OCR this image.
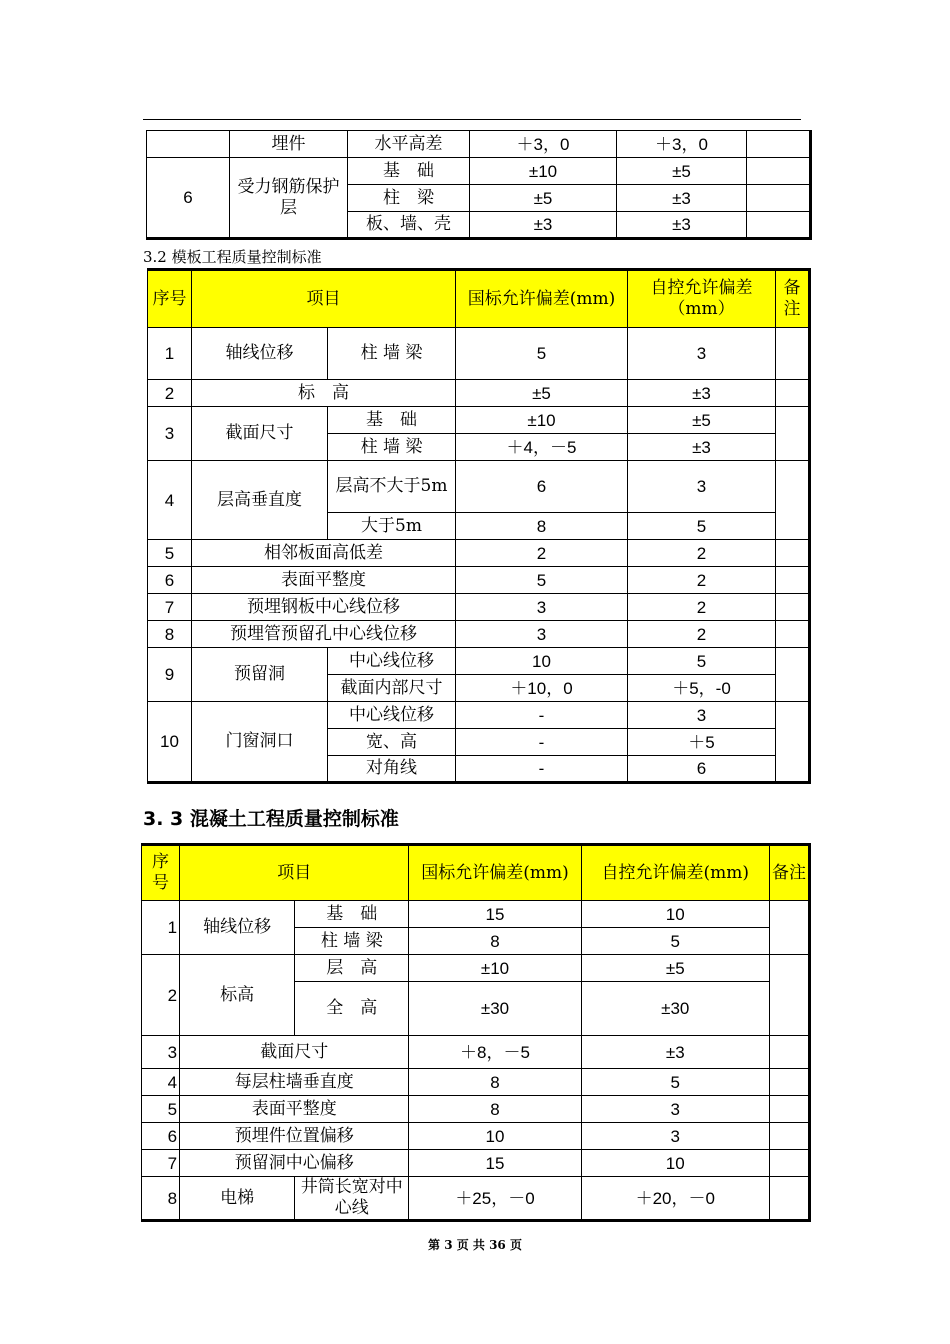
	埋件	水平高差	＋3，0	＋3，0	
6	受力钢筋保护层	基　础	±10	±5	
		柱　梁	±5	±3	
		板、墙、壳	±3	±3	
3.2 模板工程质量控制标准
序号	项目		国标允许偏差(mm)	自控允许偏差（mm）	备注
1	轴线位移	柱 墙 梁	5	3	
2	标　高		±5	±3	
3	截面尺寸	基　础	±10	±5	
		柱 墙 梁	＋4，－5	±3	
4	层高垂直度	层高不大于5m	6	3	
		大于5m	8	5	
5	相邻板面高低差		2	2	
6	表面平整度		5	2	
7	预埋钢板中心线位移		3	2	
8	预埋管预留孔中心线位移		3	2	
9	预留洞	中心线位移	10	5	
		截面内部尺寸	＋10，0	＋5，-0	
10	门窗洞口	中心线位移	-	3	
		宽、高	-	＋5	
		对角线	-	6	
3. 3 混凝土工程质量控制标准
序号	项目		国标允许偏差(mm)	自控允许偏差(mm)	备注
1	轴线位移	基　础	15	10	
		柱 墙 梁	8	5	
2	标高	层　高	±10	±5	
		全　高	±30	±30	
3	截面尺寸		＋8，－5	±3	
4	每层柱墙垂直度		8	5	
5	表面平整度		8	3	
6	预埋件位置偏移		10	3	
7	预留洞中心偏移		15	10	
8	电梯	井筒长宽对中心线	＋25，－0	＋20，－0	
第 3 页 共 36 页
